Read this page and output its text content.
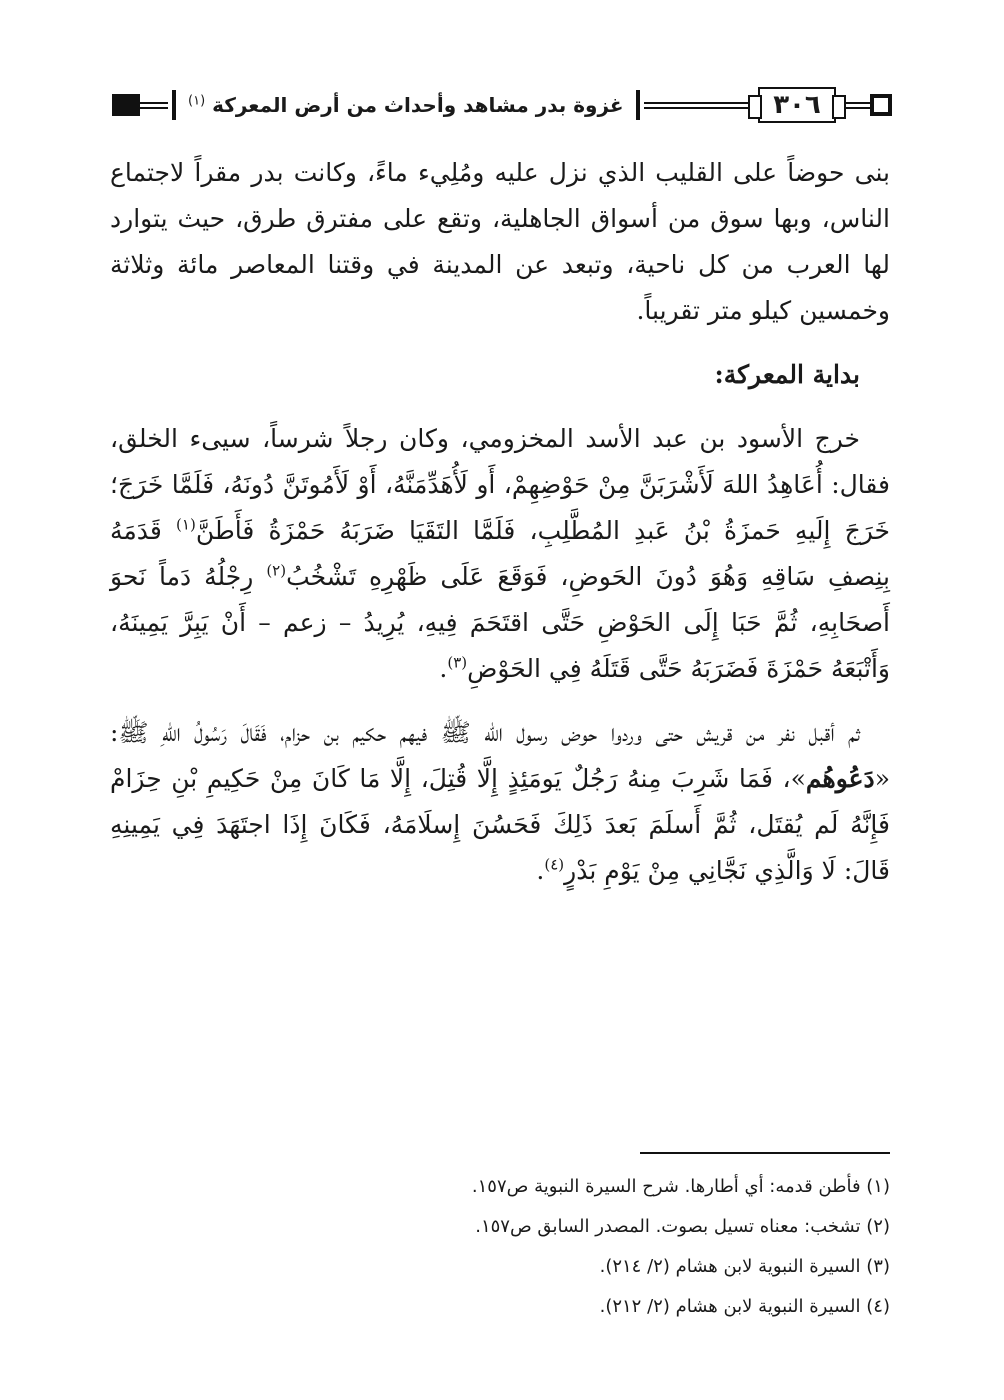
٣٠٦
غزوة بدر مشاهد وأحداث من أرض المعركة $^{(١)}$

بنى حوضاً على القليب الذي نزل عليه ومُلِيء ماءً، وكانت بدر مقراً لاجتماع الناس، وبها سوق من أسواق الجاهلية، وتقع على مفترق طرق، حيث يتوارد لها العرب من كل ناحية، وتبعد عن المدينة في وقتنا المعاصر مائة وثلاثة وخمسين كيلو متر تقريباً.

بداية المعركة:

خرج الأسود بن عبد الأسد المخزومي، وكان رجلاً شرساً، سيىء الخلق، فقال: أُعَاهِدُ اللهَ لَأَشْرَبَنَّ مِنْ حَوْضِهِمْ، أَو لَأُهَدِّمَنَّهُ، أَوْ لَأَمُوتَنَّ دُونَهُ، فَلَمَّا خَرَجَ؛ خَرَجَ إِلَيهِ حَمزَةُ بْنُ عَبدِ المُطَّلِبِ، فَلَمَّا التَقَيَا ضَرَبَهُ حَمْزَةُ فَأَطَنَّ$^{(١)}$ قَدَمَهُ بِنِصفِ سَاقِهِ وَهُوَ دُونَ الحَوضِ، فَوَقَعَ عَلَى ظَهْرِهِ تَشْخُبُ$^{(٢)}$ رِجْلُهُ دَماً نَحوَ أَصحَابِهِ، ثُمَّ حَبَا إِلَى الحَوْضِ حَتَّى اقتَحَمَ فِيهِ، يُرِيدُ – زعم – أَنْ يَبِرَّ يَمِينَهُ، وَأَتْبَعَهُ حَمْزَةَ فَضَرَبَهُ حَتَّى قَتَلَهُ فِي الحَوْضِ$^{(٣)}$.

ثم أقبل نفر من قريش حتى وردوا حوض رسول الله ﷺ فيهم حكيم بن حزام، فَقَالَ رَسُولُ اللهِ ﷺ: «دَعُوهُم»، فَمَا شَرِبَ مِنهُ رَجُلٌ يَومَئِذٍ إِلَّا قُتِلَ، إِلَّا مَا كَانَ مِنْ حَكِيمِ بْنِ حِزَامْ فَإِنَّهُ لَم يُقتَل، ثُمَّ أَسلَمَ بَعدَ ذَلِكَ فَحَسُنَ إِسلَامَهُ، فَكَانَ إِذَا اجتَهَدَ فِي يَمِينِهِ قَالَ: لَا وَالَّذِي نَجَّانِي مِنْ يَوْمِ بَدْرٍ$^{(٤)}$.

(١) فأطن قدمه: أي أطارها. شرح السيرة النبوية ص١٥٧.
(٢) تشخب: معناه تسيل بصوت. المصدر السابق ص١٥٧.
(٣) السيرة النبوية لابن هشام (٢/ ٢١٤).
(٤) السيرة النبوية لابن هشام (٢/ ٢١٢).
